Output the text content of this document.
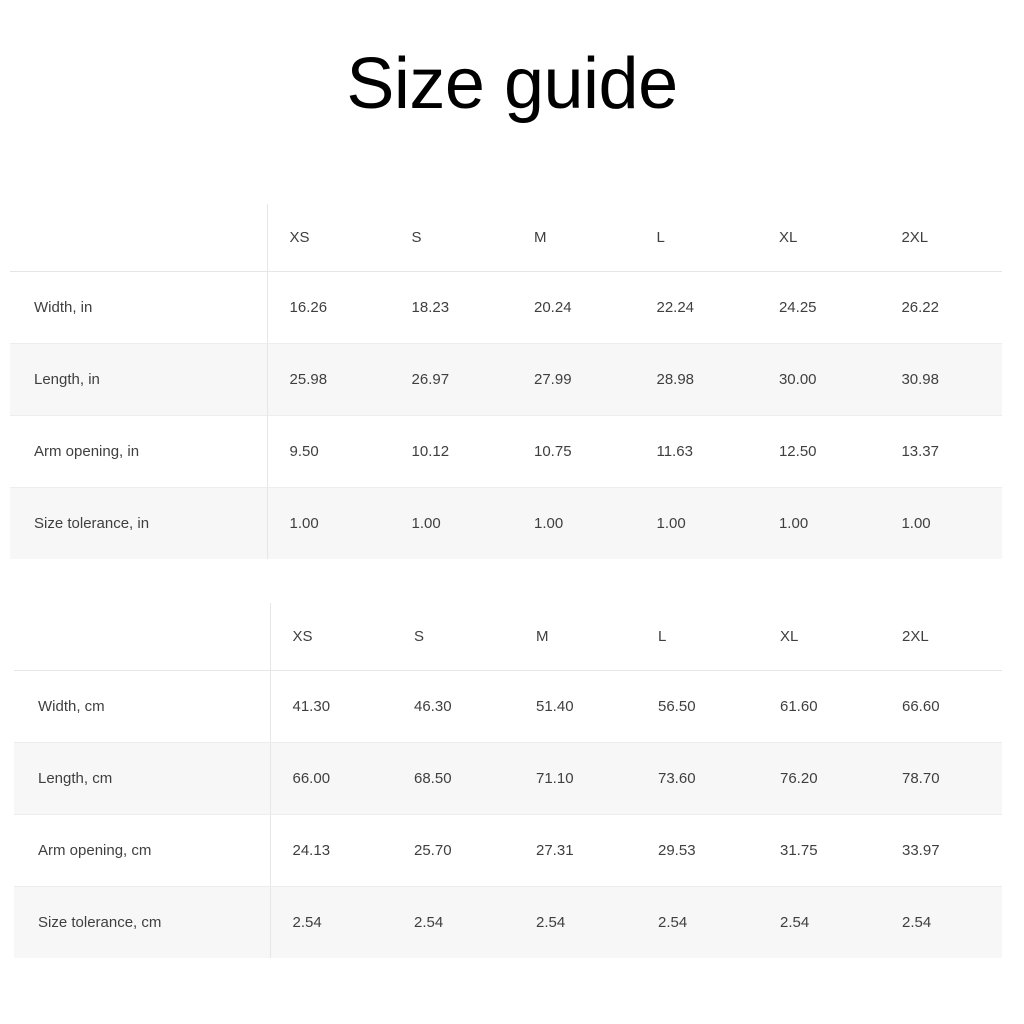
Size guide
	XS	S	M	L	XL	2XL
Width, in	16.26	18.23	20.24	22.24	24.25	26.22
Length, in	25.98	26.97	27.99	28.98	30.00	30.98
Arm opening, in	9.50	10.12	10.75	11.63	12.50	13.37
Size tolerance, in	1.00	1.00	1.00	1.00	1.00	1.00
	XS	S	M	L	XL	2XL
Width, cm	41.30	46.30	51.40	56.50	61.60	66.60
Length, cm	66.00	68.50	71.10	73.60	76.20	78.70
Arm opening, cm	24.13	25.70	27.31	29.53	31.75	33.97
Size tolerance, cm	2.54	2.54	2.54	2.54	2.54	2.54
